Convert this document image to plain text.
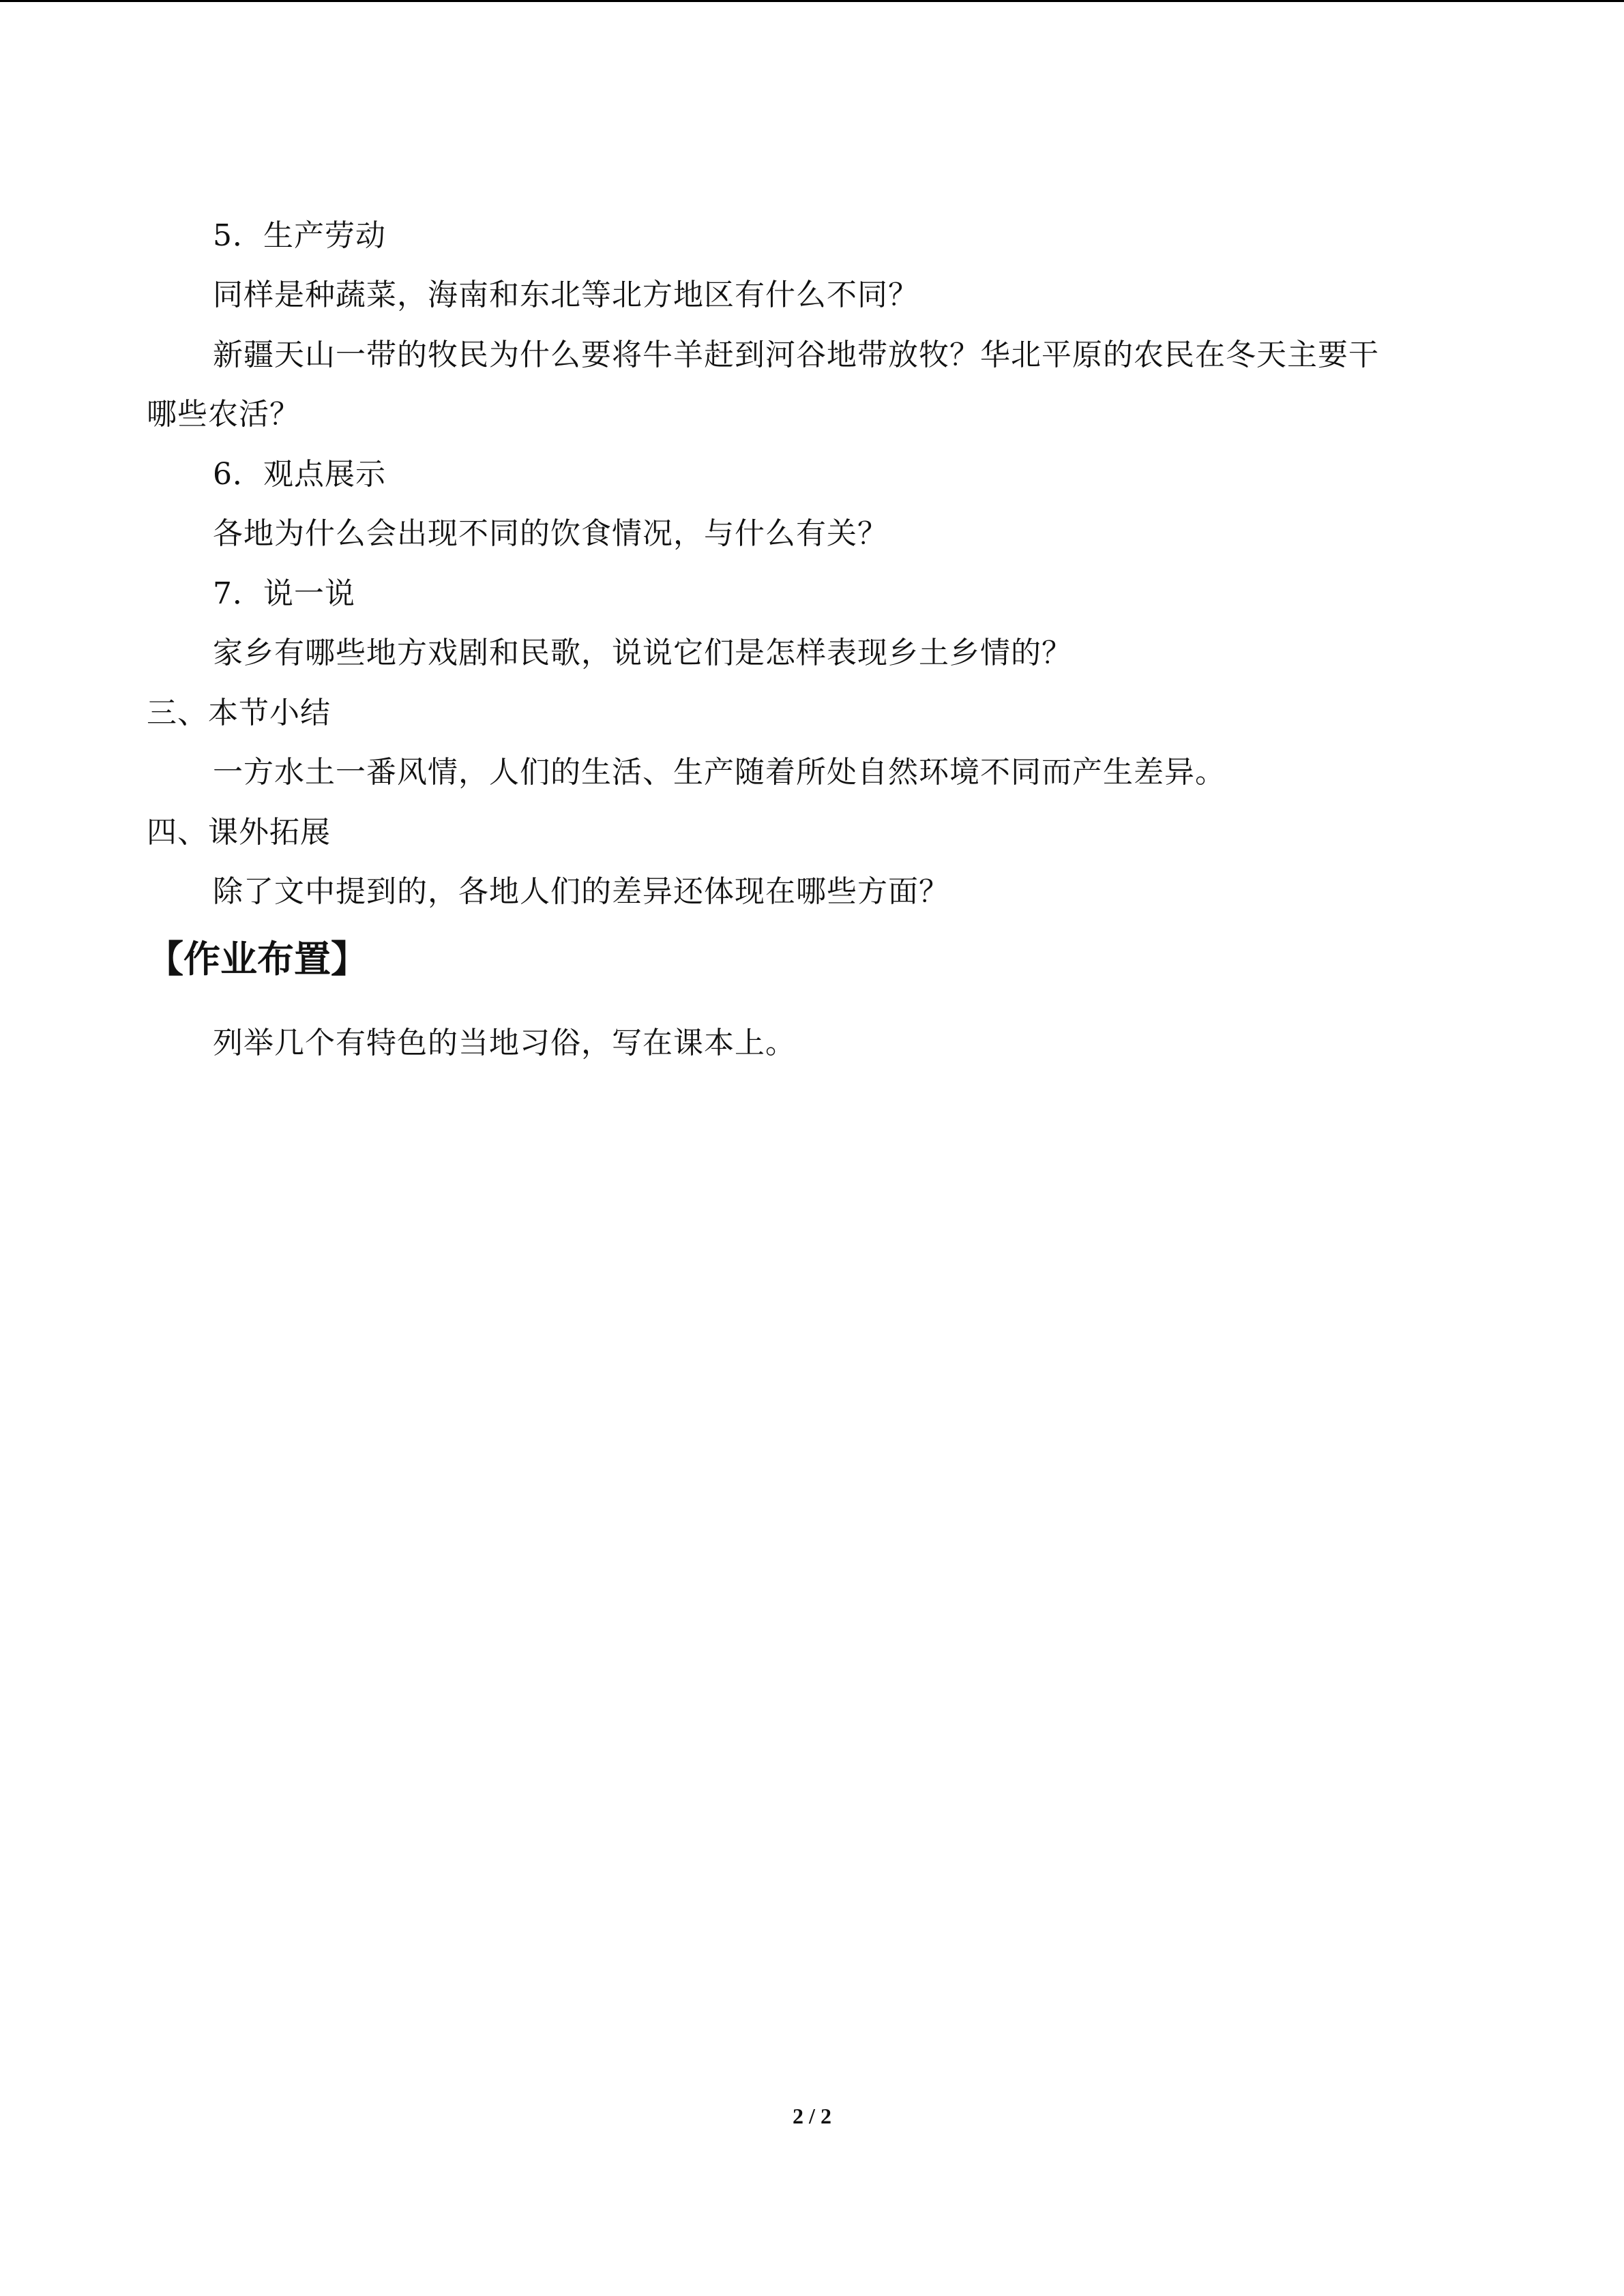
5．生产劳动
同样是种蔬菜，海南和东北等北方地区有什么不同？
新疆天山一带的牧民为什么要将牛羊赶到河谷地带放牧？华北平原的农民在冬天主要干
哪些农活？
6．观点展示
各地为什么会出现不同的饮食情况，与什么有关？
7．说一说
家乡有哪些地方戏剧和民歌，说说它们是怎样表现乡土乡情的？
三、本节小结
一方水土一番风情，人们的生活、生产随着所处自然环境不同而产生差异。
四、课外拓展
除了文中提到的，各地人们的差异还体现在哪些方面？
【作业布置】
列举几个有特色的当地习俗，写在课本上。
2 / 2
